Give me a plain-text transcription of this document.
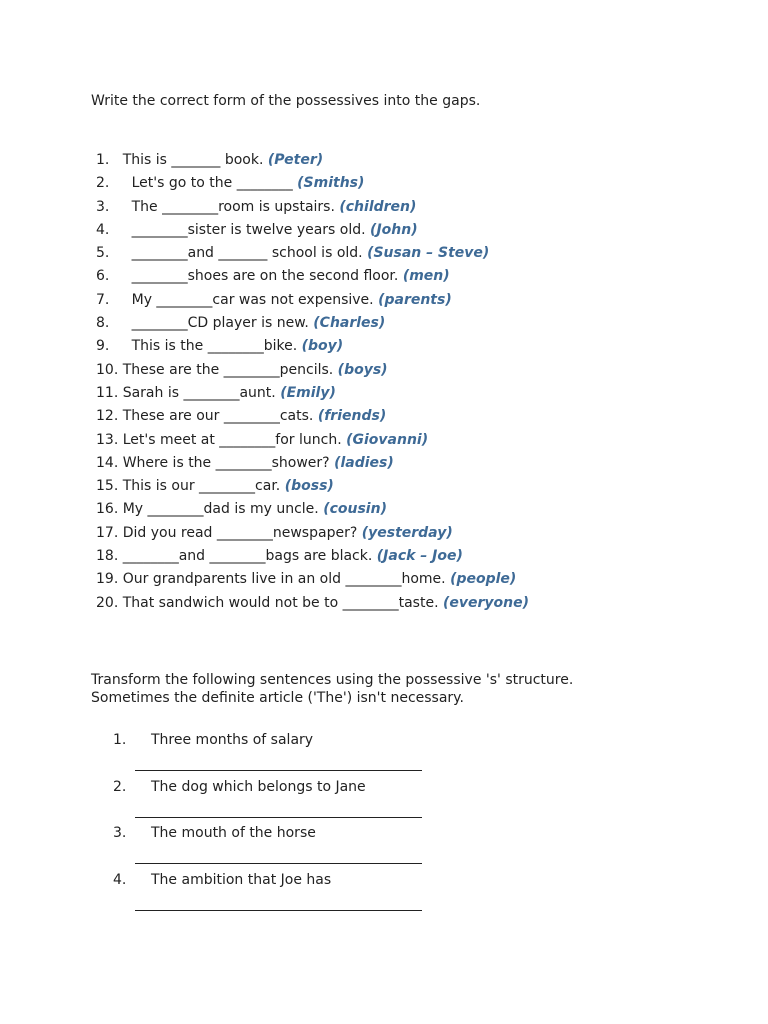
Write the correct form of the possessives into the gaps.
1.   This is _______ book. (Peter)
2.     Let's go to the ________ (Smiths)
3.     The ________room is upstairs. (children)
4.     ________sister is twelve years old. (John)
5.     ________and _______ school is old. (Susan – Steve)
6.     ________shoes are on the second floor. (men)
7.     My ________car was not expensive. (parents)
8.     ________CD player is new. (Charles)
9.     This is the ________bike. (boy)
10. These are the ________pencils. (boys)
11. Sarah is ________aunt. (Emily)
12. These are our ________cats. (friends)
13. Let's meet at ________for lunch. (Giovanni)
14. Where is the ________shower? (ladies)
15. This is our ________car. (boss)
16. My ________dad is my uncle. (cousin)
17. Did you read ________newspaper? (yesterday)
18. ________and ________bags are black. (Jack – Joe)
19. Our grandparents live in an old ________home. (people)
20. That sandwich would not be to ________taste. (everyone)
Transform the following sentences using the possessive 's' structure.
Sometimes the definite article ('The') isn't necessary.
1. Three months of salary
2. The dog which belongs to Jane
3. The mouth of the horse
4. The ambition that Joe has
